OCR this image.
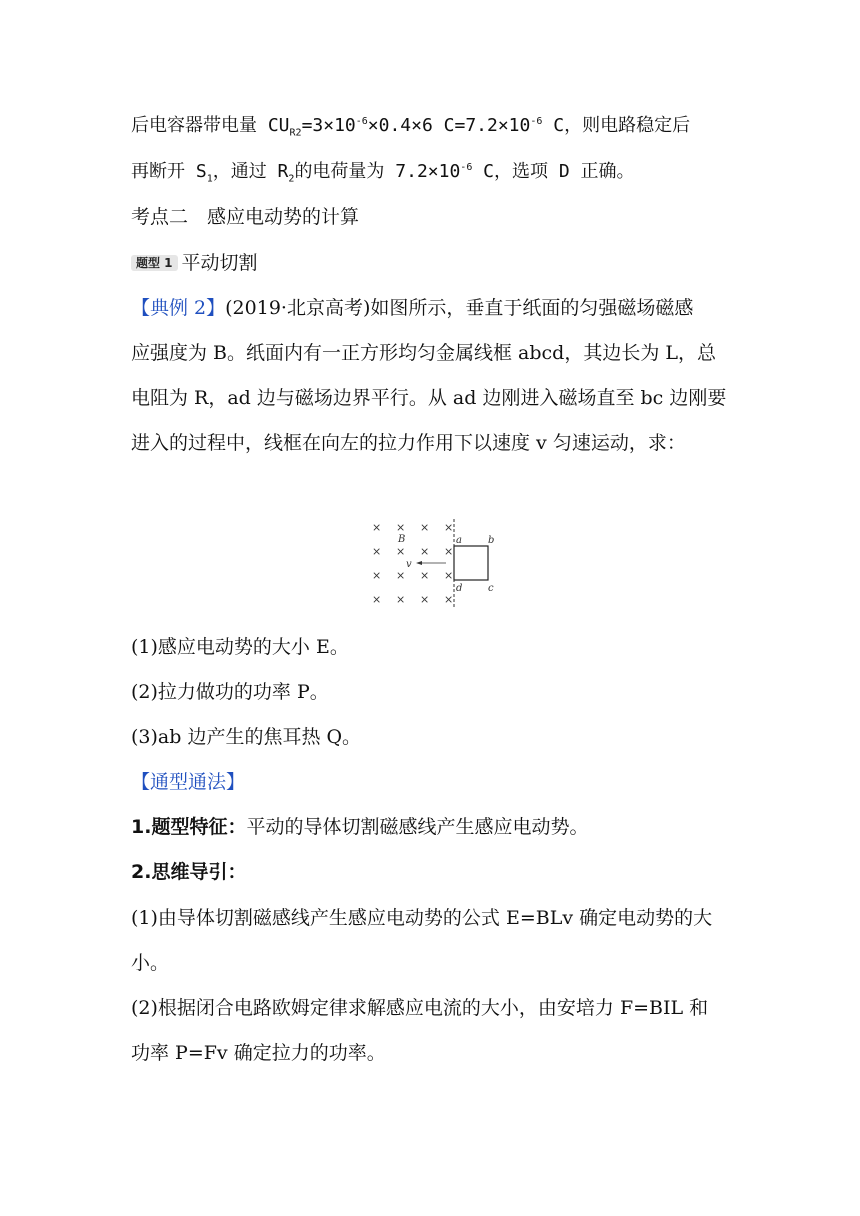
后电容器带电量 $CU_{R2}=3\times 10^{-6}\times 0.4\times 6$ $C=7.2\times 10^{-6}$ C，则电路稳定后
再断开 $S_1$，通过 $R_2$的电荷量为 $7.2\times 10^{-6}$ C，选项 D 正确。
考点二　感应电动势的计算
题型 1 平动切割
【典例 2】(2019·北京高考)如图所示，垂直于纸面的匀强磁场磁感
应强度为 B。纸面内有一正方形均匀金属线框 abcd，其边长为 L，总
电阻为 R，ad 边与磁场边界平行。从 ad 边刚进入磁场直至 bc 边刚要
进入的过程中，线框在向左的拉力作用下以速度 v 匀速运动，求：
× × × ×
× × × ×
× × × ×
× × × ×
B
v
a	b
c
d
(1)感应电动势的大小 E。
(2)拉力做功的功率 P。
(3)ab 边产生的焦耳热 Q。
【通型通法】
1.题型特征：平动的导体切割磁感线产生感应电动势。
2.思维导引：
(1)由导体切割磁感线产生感应电动势的公式 E=BLv 确定电动势的大
小。
(2)根据闭合电路欧姆定律求解感应电流的大小，由安培力 F=BIL 和
功率 P=Fv 确定拉力的功率。
